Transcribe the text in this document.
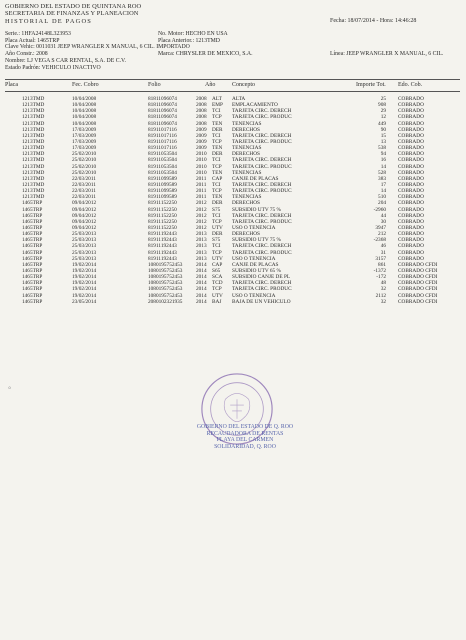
GOBIERNO DEL ESTADO DE QUINTANA ROO
SECRETARIA DE FINANZAS Y PLANEACION
HISTORIAL DE PAGOS	Fecha: 18/07/2014 - Hora: 14:46:28
Serie.: 1HFA24148L323953
Placa Actual: 1465TRP
Clave Vehic: 0011031 JEEP WRANGLER X MANUAL, 6 CIL. IMPORTADO
Año Constr.: 2008
Nombre: LJ VEGA S CAR RENTAL, S.A. DE C.V.
Estado Padrón: VEHICULO INACTIVO
No. Motor: HECHO EN USA
Placa Anterior.: 1213TMD

Marca: CHRYSLER DE MEXICO, S.A.	Línea: JEEP WRANGLER X MANUAL, 6 CIL.
Placa	Fec. Cobro	Folio	Año	Concepto	Importe Tot. Edo. Cob.
1213TMD	10/04/2008	81811096074	2008 ALT ALTA	25 COBRADO
1213TMD	10/04/2008	81811096074	2008 EMP EMPLACAMIENTO	908 COBRADO
1213TMD	10/04/2008	81811096074	2008 TCI TARJETA CIRC. DERECH	29 COBRADO
1213TMD	10/04/2008	81811096074	2008 TCP TARJETA CIRC. PRODUC	12 COBRADO
1213TMD	10/04/2008	81811096074	2008 TEN TENENCIAS	449 COBRADO
1213TMD	17/03/2009	81911017116	2009 DER DERECHOS	90 COBRADO
1213TMD	17/03/2009	81911017116	2009 TCI TARJETA CIRC. DERECH	15 COBRADO
1213TMD	17/03/2009	81911017116	2009 TCP TARJETA CIRC. PRODUC	13 COBRADO
1213TMD	17/03/2009	81911017116	2009 TEN TENENCIAS	538 COBRADO
1213TMD	25/02/2010	81911053504	2010 DER DERECHOS	94 COBRADO
1213TMD	25/02/2010	81911053504	2010 TCI TARJETA CIRC. DERECH	16 COBRADO
1213TMD	25/02/2010	81911053504	2010 TCP TARJETA CIRC. PRODUC	14 COBRADO
1213TMD	25/02/2010	81911053504	2010 TEN TENENCIAS	528 COBRADO
1213TMD	22/03/2011	81911099589	2011 CAP CANJE DE PLACAS	383 COBRADO
1213TMD	22/03/2011	81911099589	2011 TCI TARJETA CIRC. DERECH	17 COBRADO
1213TMD	22/03/2011	81911099589	2011 TCP TARJETA CIRC. PRODUC	14 COBRADO
1213TMD	22/03/2011	81911099589	2011 TEN TENENCIAS	510 COBRADO
1465TRP	09/04/2012	81911152250	2012 DER DERECHOS	204 COBRADO
1465TRP	09/04/2012	81911152250	2012 S75 SUBSIDIO UTV 75 %	-2960 COBRADO
1465TRP	09/04/2012	81911152250	2012 TCI TARJETA CIRC. DERECH	44 COBRADO
1465TRP	09/04/2012	81911152250	2012 TCP TARJETA CIRC. PRODUC	30 COBRADO
1465TRP	09/04/2012	81911152250	2012 UTV USO O TENENCIA	3947 COBRADO
1465TRP	25/03/2013	81911192443	2013 DER DERECHOS	212 COBRADO
1465TRP	25/03/2013	81911192443	2013 S75 SUBSIDIO UTV 75 %	-2368 COBRADO
1465TRP	25/03/2013	81911192443	2013 TCI TARJETA CIRC. DERECH	46 COBRADO
1465TRP	25/03/2013	81911192443	2013 TCP TARJETA CIRC. PRODUC	31 COBRADO
1465TRP	25/03/2013	81911192443	2013 UTV USO O TENENCIA	3157 COBRADO
1465TRP	19/02/2014	1080195752453	2014 CAP CANJE DE PLACAS	861 COBRADO CFDI
1465TRP	19/02/2014	1080195752453	2014 S65 SUBSIDIO UTV 65 %	-1372 COBRADO CFDI
1465TRP	19/02/2014	1080195752453	2014 SCA SUBSIDIO CANJE DE PL	-172 COBRADO CFDI
1465TRP	19/02/2014	1080195752453	2014 TCD TARJETA CIRC. DERECH	48 COBRADO CFDI
1465TRP	19/02/2014	1080195752453	2014 TCP TARJETA CIRC. PRODUC	32 COBRADO CFDI
1465TRP	19/02/2014	1080195752453	2014 UTV USO O TENENCIA	2112 COBRADO CFDI
1465TRP	23/05/2014	2080102321935	2014 BAJ BAJA DE UN VEHICULO	32 COBRADO CFDI
GOBIERNO DEL ESTADO DE Q. ROO
RECAUDADORA DE RENTAS
PLAYA DEL CARMEN
SOLIDARIDAD, Q. ROO
°
